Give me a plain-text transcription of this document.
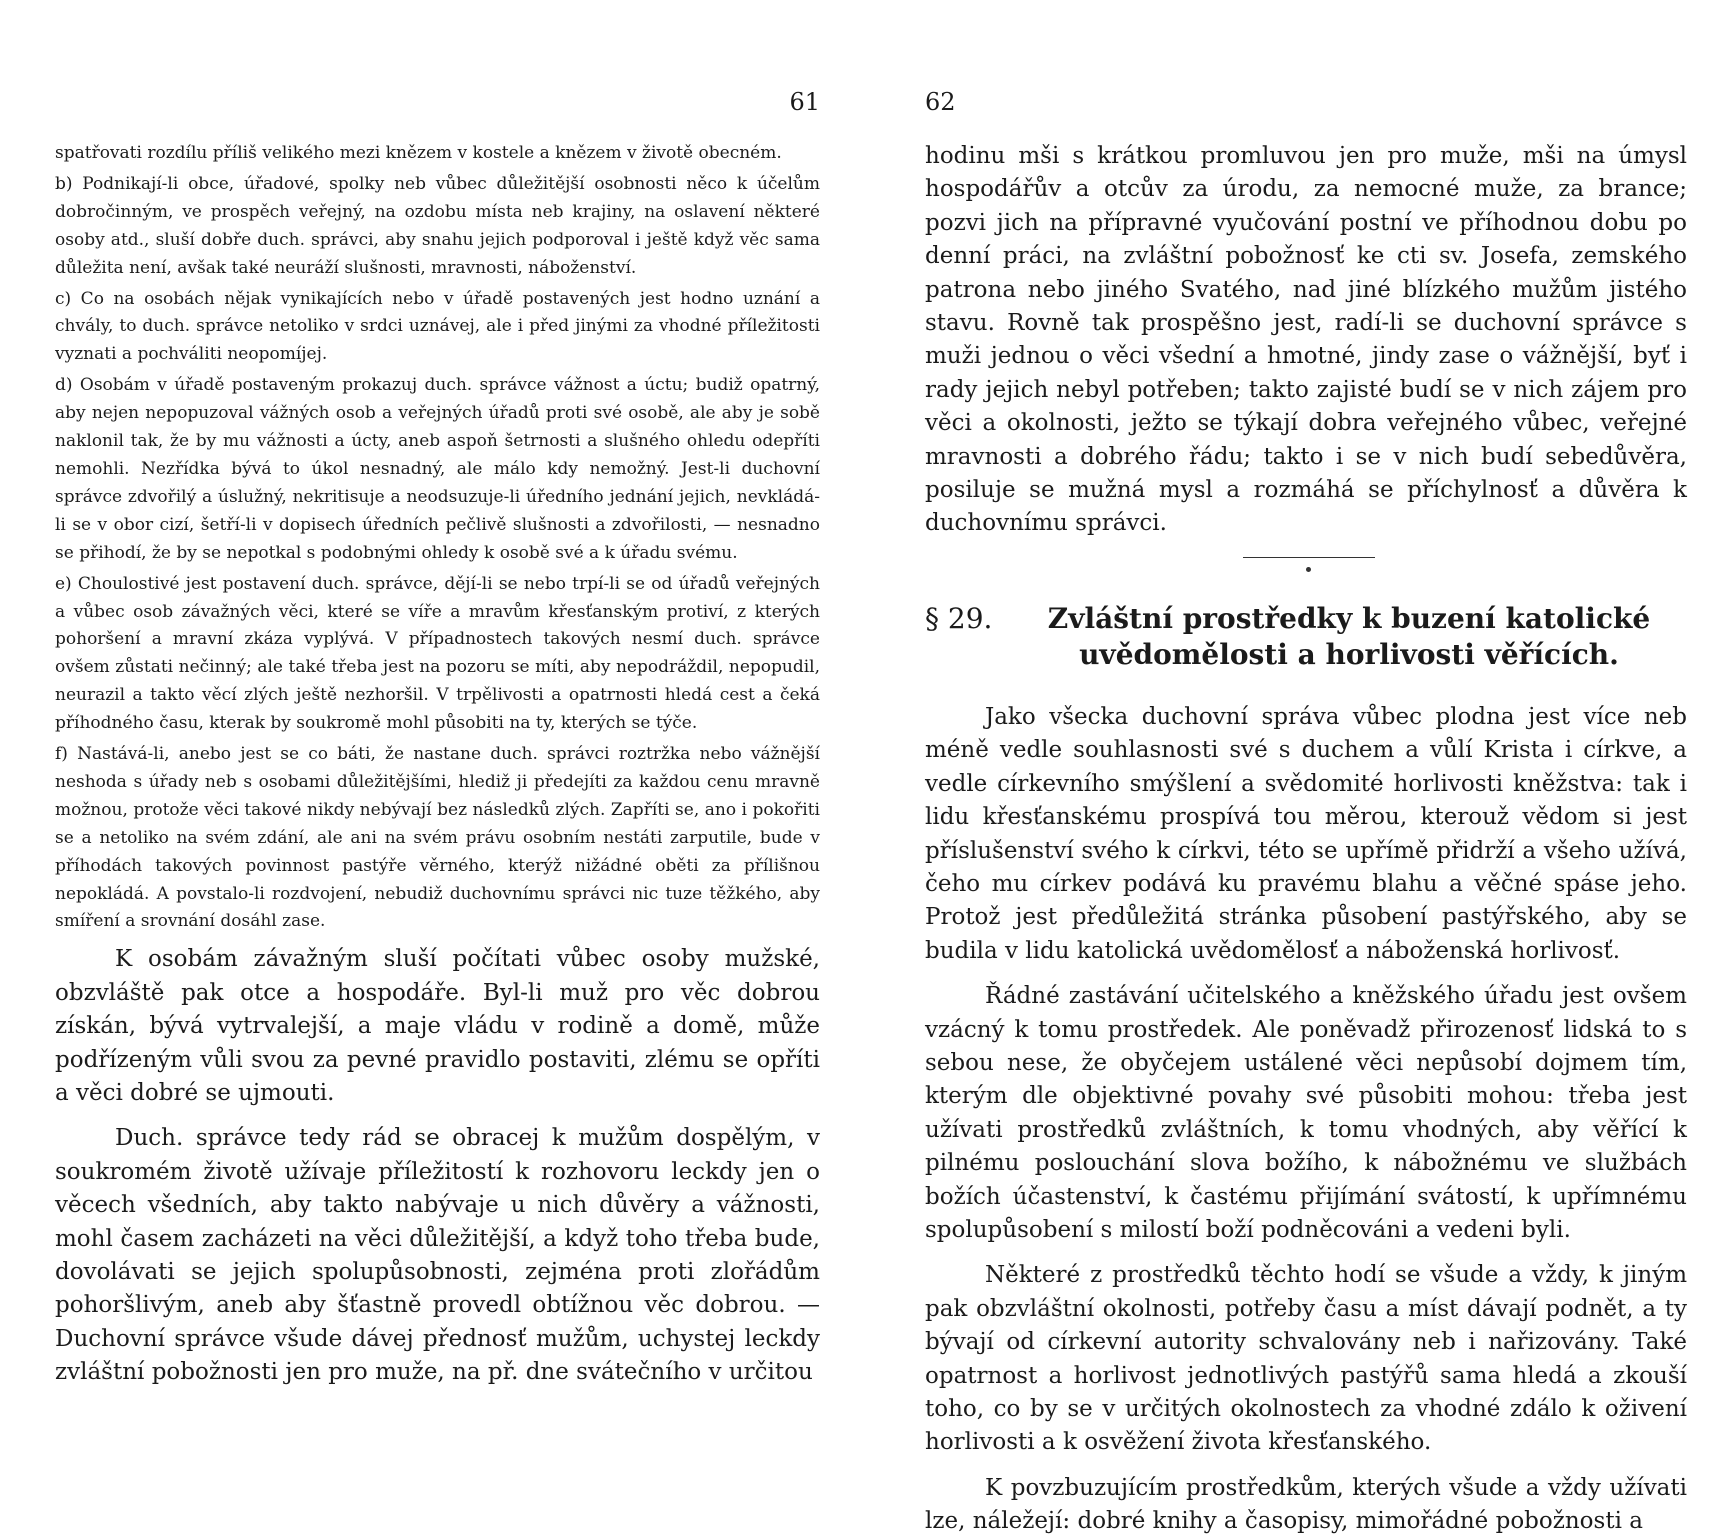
61

spatřovati rozdílu příliš velikého mezi knězem v kostele a knězem v životě obecném.

b) Podnikají-li obce, úřadové, spolky neb vůbec důležitější osobnosti něco k účelům dobročinným, ve prospěch veřejný, na ozdobu místa neb krajiny, na oslavení některé osoby atd., sluší dobře duch. správci, aby snahu jejich podporoval i ještě když věc sama důležita není, avšak také neuráží slušnosti, mravnosti, náboženství.

c) Co na osobách nějak vynikajících nebo v úřadě postavených jest hodno uznání a chvály, to duch. správce netoliko v srdci uznávej, ale i před jinými za vhodné příležitosti vyznati a pochváliti neopomíjej.

d) Osobám v úřadě postaveným prokazuj duch. správce vážnost a úctu; budiž opatrný, aby nejen nepopuzoval vážných osob a veřejných úřadů proti své osobě, ale aby je sobě naklonil tak, že by mu vážnosti a úcty, aneb aspoň šetrnosti a slušného ohledu odepříti nemohli. Nezřídka bývá to úkol nesnadný, ale málo kdy nemožný. Jest-li duchovní správce zdvořilý a úslužný, nekritisuje a neodsuzuje-li úředního jednání jejich, nevkládá-li se v obor cizí, šetří-li v dopisech úředních pečlivě slušnosti a zdvořilosti, — nesnadno se přihodí, že by se nepotkal s podobnými ohledy k osobě své a k úřadu svému.

e) Choulostivé jest postavení duch. správce, dějí-li se nebo trpí-li se od úřadů veřejných a vůbec osob závažných věci, které se víře a mravům křesťanským protiví, z kterých pohoršení a mravní zkáza vyplývá. V případnostech takových nesmí duch. správce ovšem zůstati nečinný; ale také třeba jest na pozoru se míti, aby nepodráždil, nepopudil, neurazil a takto věcí zlých ještě nezhoršil. V trpělivosti a opatrnosti hledá cest a čeká příhodného času, kterak by soukromě mohl působiti na ty, kterých se týče.

f) Nastává-li, anebo jest se co báti, že nastane duch. správci roztržka nebo vážnější neshoda s úřady neb s osobami důležitějšími, hlediž ji předejíti za každou cenu mravně možnou, protože věci takové nikdy nebývají bez následků zlých. Zapříti se, ano i pokořiti se a netoliko na svém zdání, ale ani na svém právu osobním nestáti zarputile, bude v příhodách takových povinnost pastýře věrného, kterýž nižádné oběti za přílišnou nepokládá. A povstalo-li rozdvojení, nebudiž duchovnímu správci nic tuze těžkého, aby smíření a srovnání dosáhl zase.

K osobám závažným sluší počítati vůbec osoby mužské, obzvláště pak otce a hospodáře. Byl-li muž pro věc dobrou získán, bývá vytrvalejší, a maje vládu v rodině a domě, může podřízeným vůli svou za pevné pravidlo postaviti, zlému se opříti a věci dobré se ujmouti.

Duch. správce tedy rád se obracej k mužům dospělým, v soukromém životě užívaje příležitostí k rozhovoru leckdy jen o věcech všedních, aby takto nabývaje u nich důvěry a vážnosti, mohl časem zacházeti na věci důležitější, a když toho třeba bude, dovolávati se jejich spolupůsobnosti, zejména proti zlořádům pohoršlivým, aneb aby šťastně provedl obtížnou věc dobrou. — Duchovní správce všude dávej přednosť mužům, uchystej leckdy zvláštní pobožnosti jen pro muže, na př. dne svátečního v určitou

62

hodinu mši s krátkou promluvou jen pro muže, mši na úmysl hospodářův a otcův za úrodu, za nemocné muže, za brance; pozvi jich na přípravné vyučování postní ve příhodnou dobu po denní práci, na zvláštní pobožnosť ke cti sv. Josefa, zemského patrona nebo jiného Svatého, nad jiné blízkého mužům jistého stavu. Rovně tak prospěšno jest, radí-li se duchovní správce s muži jednou o věci všední a hmotné, jindy zase o vážnější, byť i rady jejich nebyl potřeben; takto zajisté budí se v nich zájem pro věci a okolnosti, ježto se týkají dobra veřejného vůbec, veřejné mravnosti a dobrého řádu; takto i se v nich budí sebedůvěra, posiluje se mužná mysl a rozmáhá se příchylnosť a důvěra k duchovnímu správci.

§ 29.	Zvláštní prostředky k buzení katolické uvědomělosti a horlivosti věřících.

Jako všecka duchovní správa vůbec plodna jest více neb méně vedle souhlasnosti své s duchem a vůlí Krista i církve, a vedle církevního smýšlení a svědomité horlivosti kněžstva: tak i lidu křesťanskému prospívá tou měrou, kterouž vědom si jest příslušenství svého k církvi, této se upřímě přidrží a všeho užívá, čeho mu církev podává ku pravému blahu a věčné spáse jeho. Protož jest předůležitá stránka působení pastýřského, aby se budila v lidu katolická uvědomělosť a náboženská horlivosť.

Řádné zastávání učitelského a kněžského úřadu jest ovšem vzácný k tomu prostředek. Ale poněvadž přirozenosť lidská to s sebou nese, že obyčejem ustálené věci nepůsobí dojmem tím, kterým dle objektivné povahy své působiti mohou: třeba jest užívati prostředků zvláštních, k tomu vhodných, aby věřící k pilnému poslouchání slova božího, k nábožnému ve službách božích účastenství, k častému přijímání svátostí, k upřímnému spolupůsobení s milostí boží podněcováni a vedeni byli.

Některé z prostředků těchto hodí se všude a vždy, k jiným pak obzvláštní okolnosti, potřeby času a míst dávají podnět, a ty bývají od církevní autority schvalovány neb i nařizovány. Také opatrnost a horlivost jednotlivých pastýřů sama hledá a zkouší toho, co by se v určitých okolnostech za vhodné zdálo k oživení horlivosti a k osvěžení života křesťanského.

K povzbuzujícím prostředkům, kterých všude a vždy užívati lze, náležejí: dobré knihy a časopisy, mimořádné pobožnosti a
